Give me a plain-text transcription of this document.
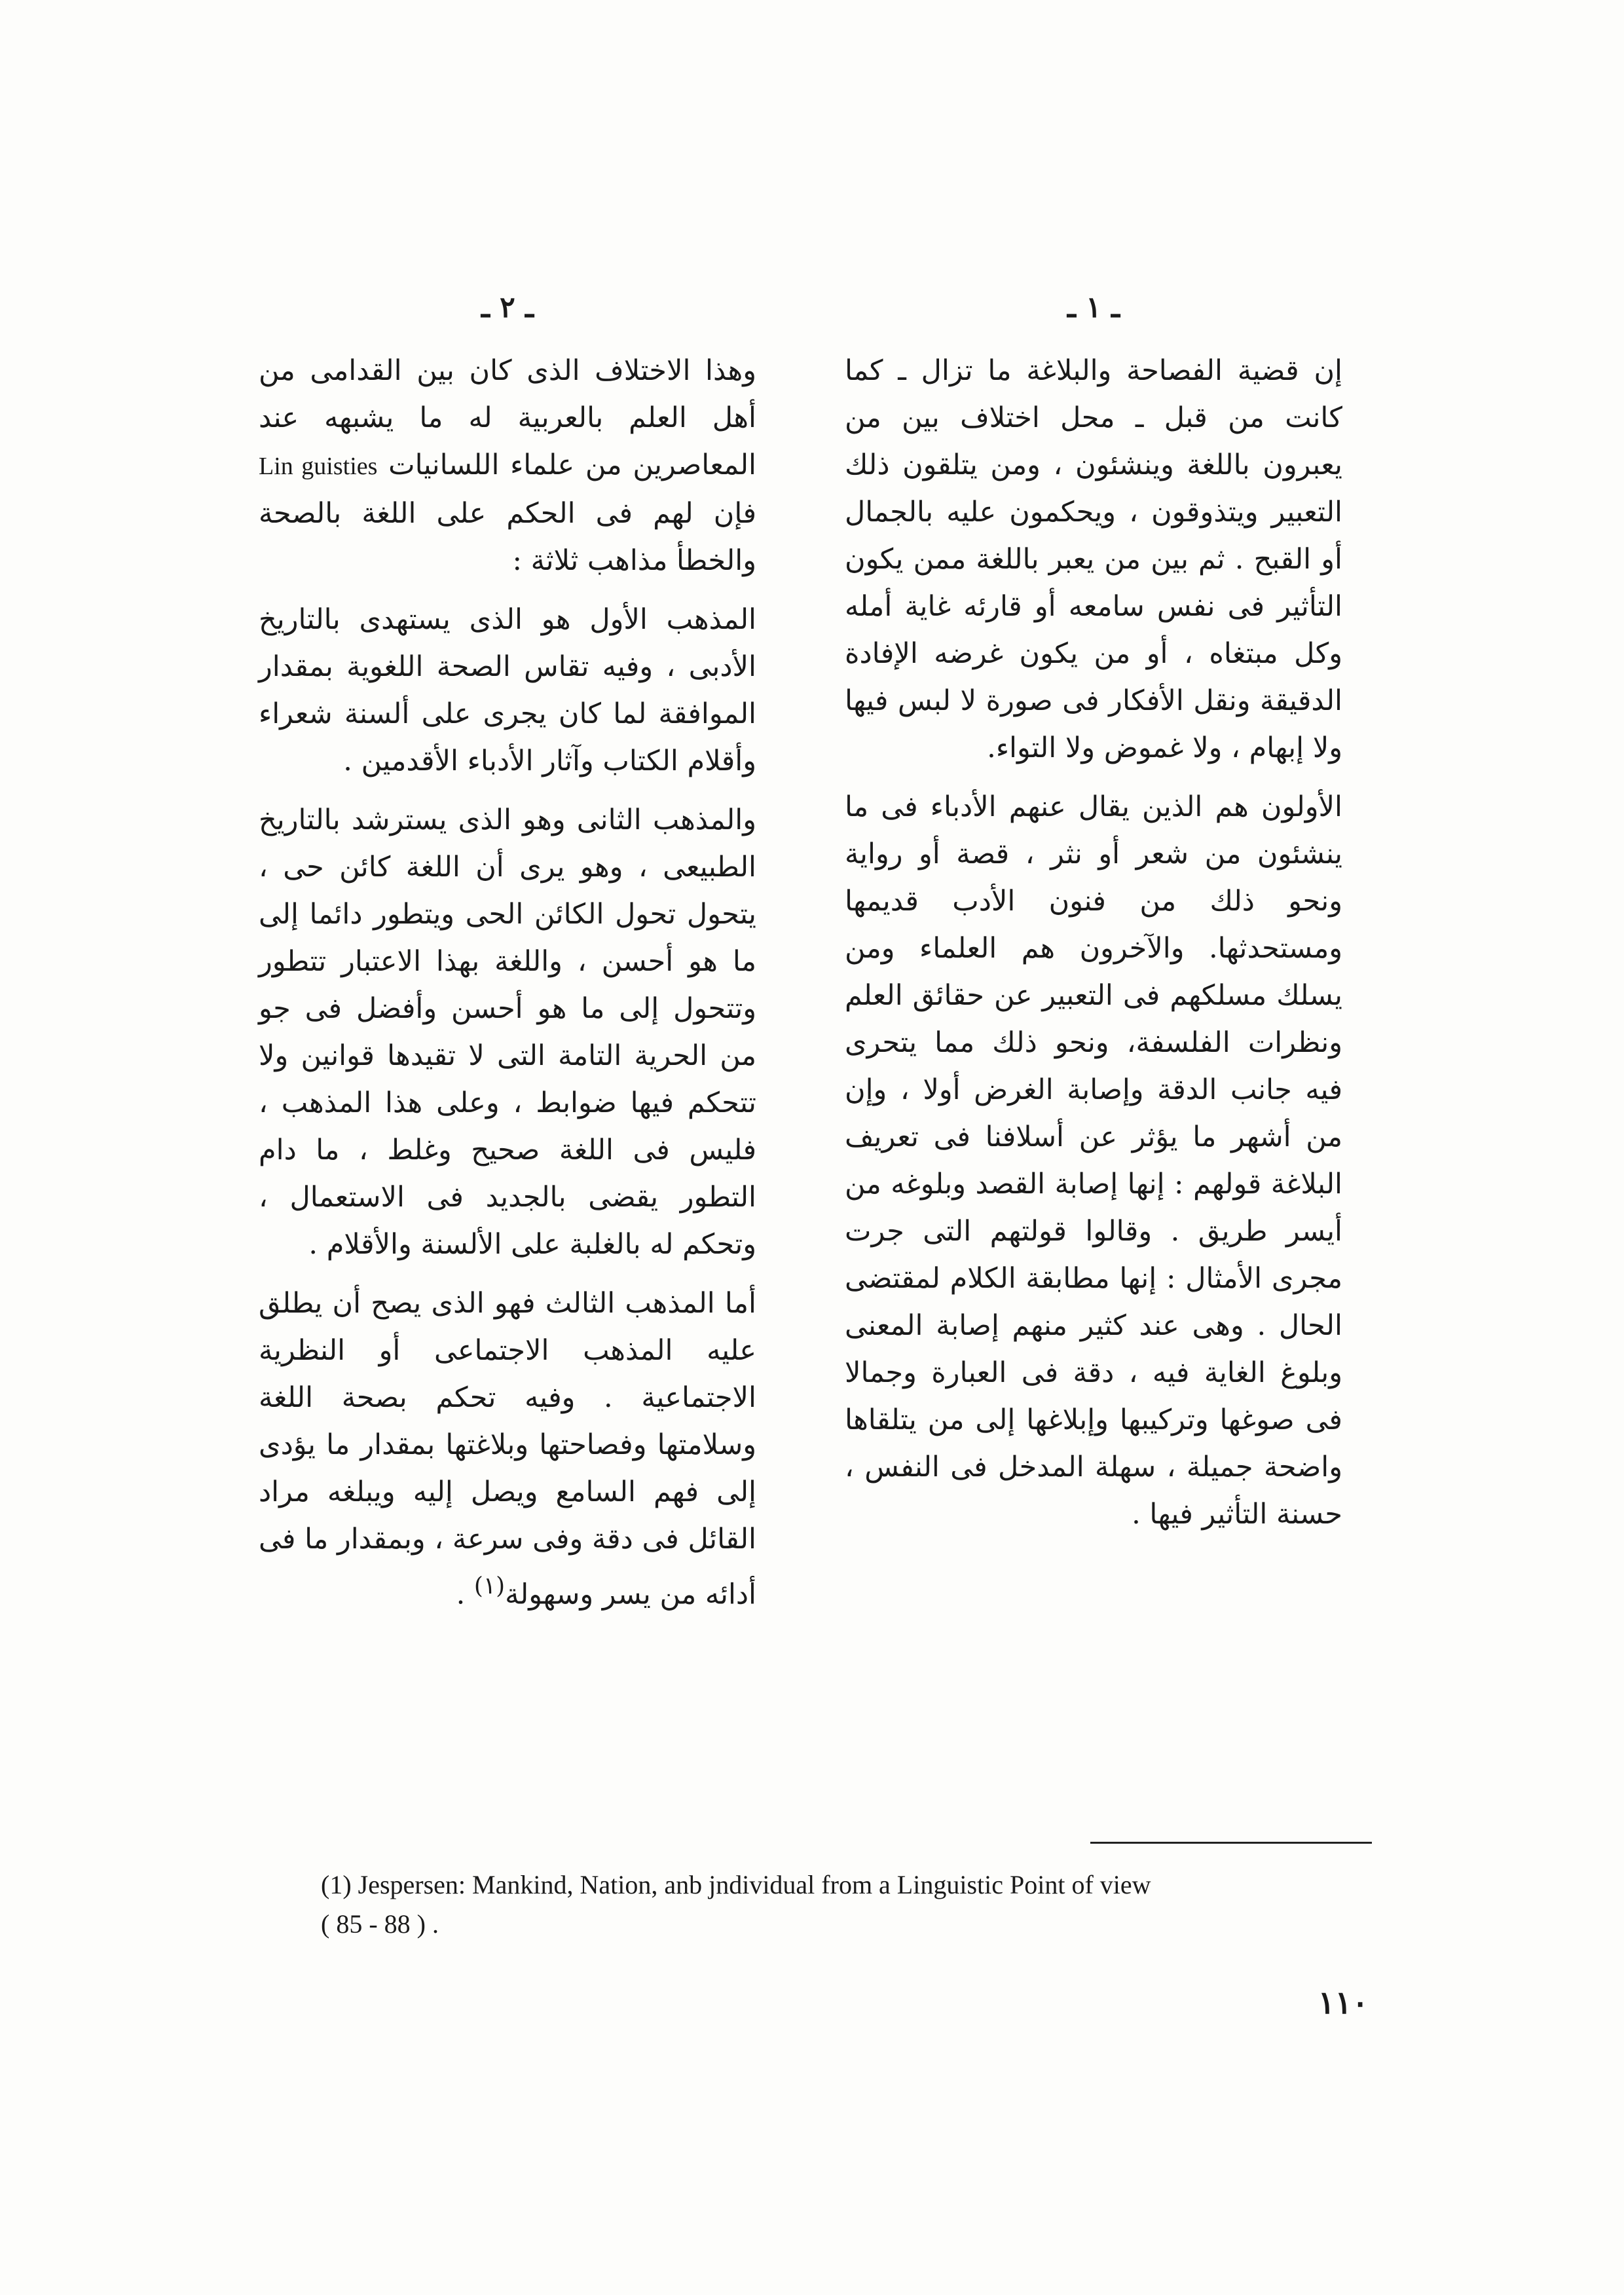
ـ ١ ـ

إن قضية الفصاحة والبلاغة ما تزال ـ كما كانت من قبل ـ محل اختلاف بين من يعبرون باللغة وينشئون ، ومن يتلقون ذلك التعبير ويتذوقون ، ويحكمون عليه بالجمال أو القبح . ثم بين من يعبر باللغة ممن يكون التأثير فى نفس سامعه أو قارئه غاية أمله وكل مبتغاه ، أو من يكون غرضه الإفادة الدقيقة ونقل الأفكار فى صورة لا لبس فيها ولا إبهام ، ولا غموض ولا التواء.

الأولون هم الذين يقال عنهم الأدباء فى ما ينشئون من شعر أو نثر ، قصة أو رواية ونحو ذلك من فنون الأدب قديمها ومستحدثها. والآخرون هم العلماء ومن يسلك مسلكهم فى التعبير عن حقائق العلم ونظرات الفلسفة، ونحو ذلك مما يتحرى فيه جانب الدقة وإصابة الغرض أولا ، وإن من أشهر ما يؤثر عن أسلافنا فى تعريف البلاغة قولهم : إنها إصابة القصد وبلوغه من أيسر طريق . وقالوا قولتهم التى جرت مجرى الأمثال : إنها مطابقة الكلام لمقتضى الحال . وهى عند كثير منهم إصابة المعنى وبلوغ الغاية فيه ، دقة فى العبارة وجمالا فى صوغها وتركيبها وإبلاغها إلى من يتلقاها واضحة جميلة ، سهلة المدخل فى النفس ، حسنة التأثير فيها .

ـ ٢ ـ

وهذا الاختلاف الذى كان بين القدامى من أهل العلم بالعربية له ما يشبهه عند المعاصرين من علماء اللسانيات Lin guisties فإن لهم فى الحكم على اللغة بالصحة والخطأ مذاهب ثلاثة :

المذهب الأول هو الذى يستهدى بالتاريخ الأدبى ، وفيه تقاس الصحة اللغوية بمقدار الموافقة لما كان يجرى على ألسنة شعراء وأقلام الكتاب وآثار الأدباء الأقدمين .

والمذهب الثانى وهو الذى يسترشد بالتاريخ الطبيعى ، وهو يرى أن اللغة كائن حى ، يتحول تحول الكائن الحى ويتطور دائما إلى ما هو أحسن ، واللغة بهذا الاعتبار تتطور وتتحول إلى ما هو أحسن وأفضل فى جو من الحرية التامة التى لا تقيدها قوانين ولا تتحكم فيها ضوابط ، وعلى هذا المذهب ، فليس فى اللغة صحيح وغلط ، ما دام التطور يقضى بالجديد فى الاستعمال ، وتحكم له بالغلبة على الألسنة والأقلام .

أما المذهب الثالث فهو الذى يصح أن يطلق عليه المذهب الاجتماعى أو النظرية الاجتماعية . وفيه تحكم بصحة اللغة وسلامتها وفصاحتها وبلاغتها بمقدار ما يؤدى إلى فهم السامع ويصل إليه ويبلغه مراد القائل فى دقة وفى سرعة ، وبمقدار ما فى أدائه من يسر وسهولة$^{(١)}$ .

(1) Jespersen: Mankind, Nation, anb jndividual from a Linguistic Point of view
( 85 - 88 ) .
١١٠
